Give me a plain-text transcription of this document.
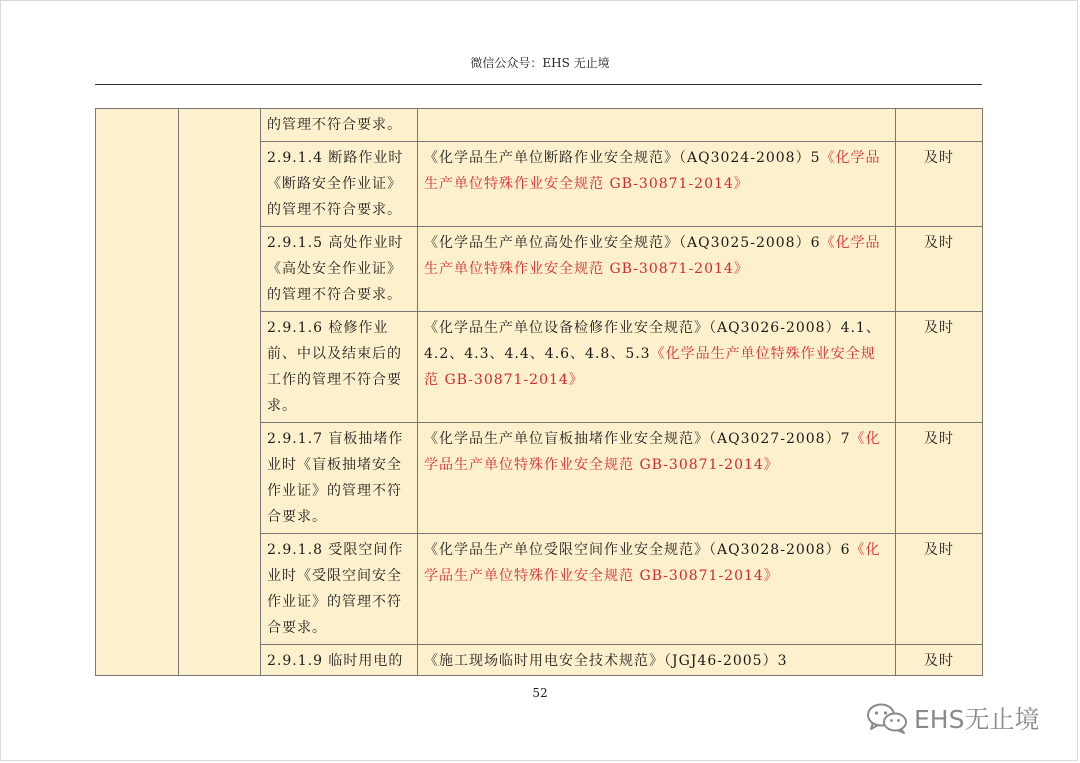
微信公众号：EHS 无止境
		的管理不符合要求。		
		2.9.1.4 断路作业时《断路安全作业证》的管理不符合要求。	《化学品生产单位断路作业安全规范》（AQ3024-2008）5《化学品生产单位特殊作业安全规范 GB-30871-2014》	及时
		2.9.1.5 高处作业时《高处安全作业证》的管理不符合要求。	《化学品生产单位高处作业安全规范》（AQ3025-2008）6《化学品生产单位特殊作业安全规范 GB-30871-2014》	及时
		2.9.1.6 检修作业前、中以及结束后的工作的管理不符合要求。	《化学品生产单位设备检修作业安全规范》（AQ3026-2008）4.1、4.2、4.3、4.4、4.6、4.8、5.3《化学品生产单位特殊作业安全规范 GB-30871-2014》	及时
		2.9.1.7 盲板抽堵作业时《盲板抽堵安全作业证》的管理不符合要求。	《化学品生产单位盲板抽堵作业安全规范》（AQ3027-2008）7《化学品生产单位特殊作业安全规范 GB-30871-2014》	及时
		2.9.1.8 受限空间作业时《受限空间安全作业证》的管理不符合要求。	《化学品生产单位受限空间作业安全规范》（AQ3028-2008）6《化学品生产单位特殊作业安全规范 GB-30871-2014》	及时

		2.9.1.9 临时用电的	《施工现场临时用电安全技术规范》（JGJ46-2005）3	及时
52
EHS无止境
